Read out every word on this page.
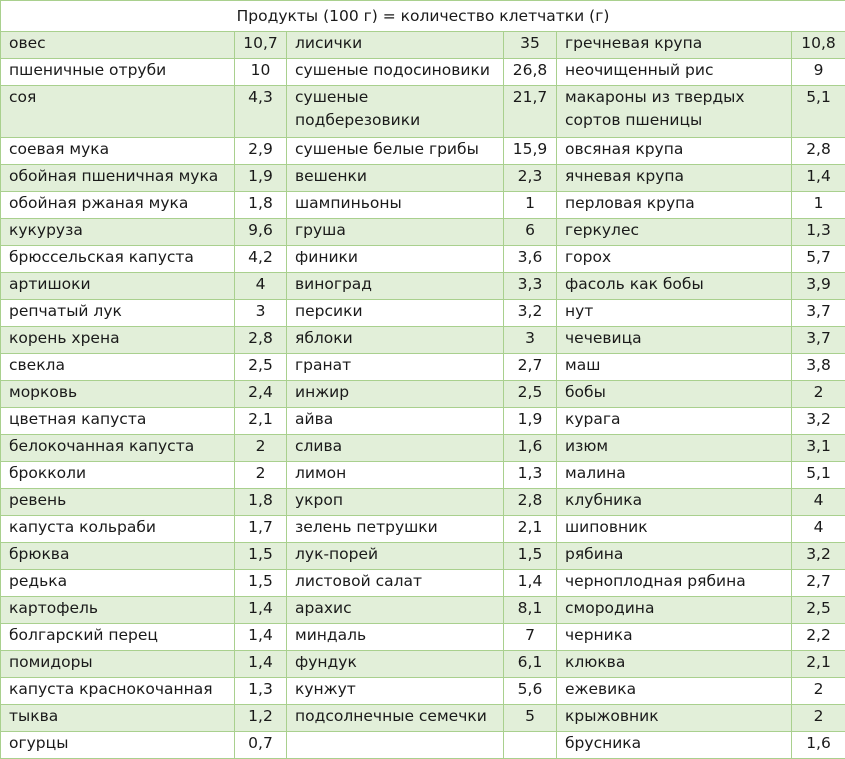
Продукты (100 г) = количество клетчатки (г)					
овес	10,7	лисички	35	гречневая крупа	10,8
пшеничные отруби	10	сушеные подосиновики	26,8	неочищенный рис	9
соя	4,3	сушеные подберезовики	21,7	макароны из твердых сортов пшеницы	5,1
соевая мука	2,9	сушеные белые грибы	15,9	овсяная крупа	2,8
обойная пшеничная мука	1,9	вешенки	2,3	ячневая крупа	1,4
обойная ржаная мука	1,8	шампиньоны	1	перловая крупа	1
кукуруза	9,6	груша	6	геркулес	1,3
брюссельская капуста	4,2	финики	3,6	горох	5,7
артишоки	4	виноград	3,3	фасоль как бобы	3,9
репчатый лук	3	персики	3,2	нут	3,7
корень хрена	2,8	яблоки	3	чечевица	3,7
свекла	2,5	гранат	2,7	маш	3,8
морковь	2,4	инжир	2,5	бобы	2
цветная капуста	2,1	айва	1,9	курага	3,2
белокочанная капуста	2	слива	1,6	изюм	3,1
брокколи	2	лимон	1,3	малина	5,1
ревень	1,8	укроп	2,8	клубника	4
капуста кольраби	1,7	зелень петрушки	2,1	шиповник	4
брюква	1,5	лук-порей	1,5	рябина	3,2
редька	1,5	листовой салат	1,4	черноплодная рябина	2,7
картофель	1,4	арахис	8,1	смородина	2,5
болгарский перец	1,4	миндаль	7	черника	2,2
помидоры	1,4	фундук	6,1	клюква	2,1
капуста краснокочанная	1,3	кунжут	5,6	ежевика	2
тыква	1,2	подсолнечные семечки	5	крыжовник	2
огурцы	0,7			брусника	1,6
